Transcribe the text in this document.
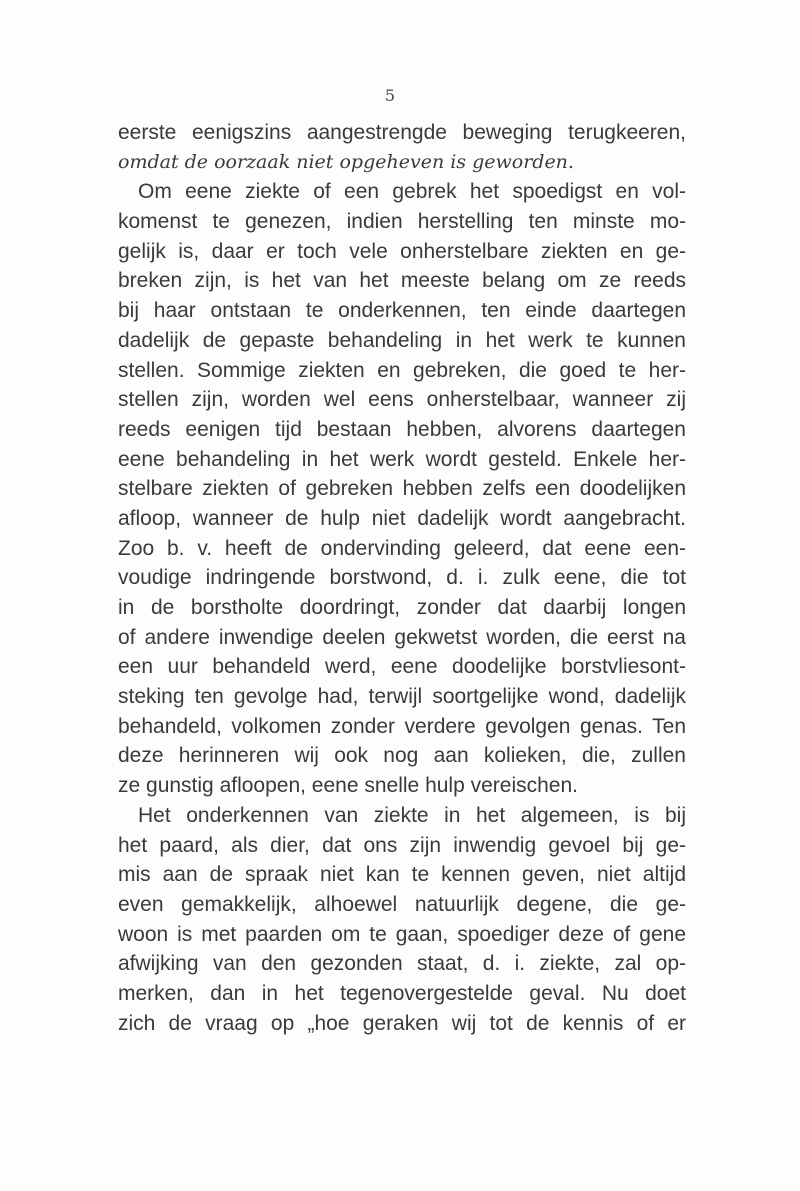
5
eerste eenigszins aangestrengde beweging terugkeeren,
omdat de oorzaak niet opgeheven is geworden.
Om eene ziekte of een gebrek het spoedigst en vol-
komenst te genezen, indien herstelling ten minste mo-
gelijk is, daar er toch vele onherstelbare ziekten en ge-
breken zijn, is het van het meeste belang om ze reeds
bij haar ontstaan te onderkennen, ten einde daartegen
dadelijk de gepaste behandeling in het werk te kunnen
stellen. Sommige ziekten en gebreken, die goed te her-
stellen zijn, worden wel eens onherstelbaar, wanneer zij
reeds eenigen tijd bestaan hebben, alvorens daartegen
eene behandeling in het werk wordt gesteld. Enkele her-
stelbare ziekten of gebreken hebben zelfs een doodelijken
afloop, wanneer de hulp niet dadelijk wordt aangebracht.
Zoo b. v. heeft de ondervinding geleerd, dat eene een-
voudige indringende borstwond, d. i. zulk eene, die tot
in de borstholte doordringt, zonder dat daarbij longen
of andere inwendige deelen gekwetst worden, die eerst na
een uur behandeld werd, eene doodelijke borstvliesont-
steking ten gevolge had, terwijl soortgelijke wond, dadelijk
behandeld, volkomen zonder verdere gevolgen genas. Ten
deze herinneren wij ook nog aan kolieken, die, zullen
ze gunstig afloopen, eene snelle hulp vereischen.
Het onderkennen van ziekte in het algemeen, is bij
het paard, als dier, dat ons zijn inwendig gevoel bij ge-
mis aan de spraak niet kan te kennen geven, niet altijd
even gemakkelijk, alhoewel natuurlijk degene, die ge-
woon is met paarden om te gaan, spoediger deze of gene
afwijking van den gezonden staat, d. i. ziekte, zal op-
merken, dan in het tegenovergestelde geval. Nu doet
zich de vraag op „hoe geraken wij tot de kennis of er
